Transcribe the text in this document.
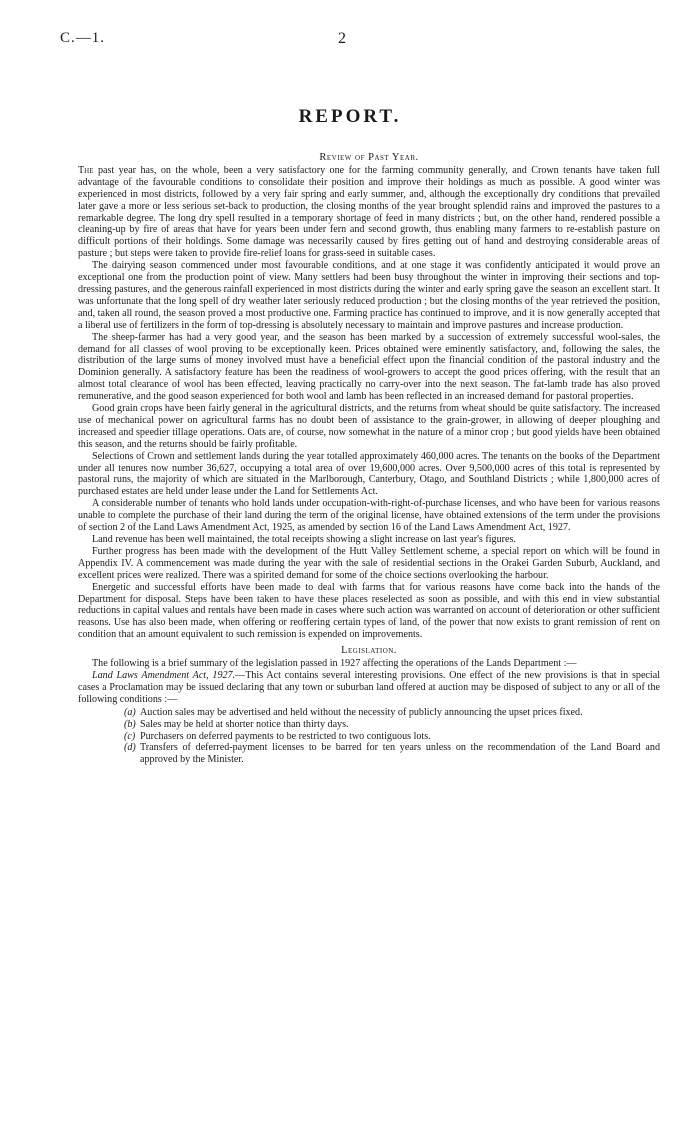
C.—1.	2
REPORT.
Review of Past Year.

The past year has, on the whole, been a very satisfactory one for the farming community generally, and Crown tenants have taken full advantage of the favourable conditions to consolidate their position and improve their holdings as much as possible. A good winter was experienced in most districts, followed by a very fair spring and early summer, and, although the exceptionally dry conditions that prevailed later gave a more or less serious set-back to production, the closing months of the year brought splendid rains and improved the pastures to a remarkable degree. The long dry spell resulted in a temporary shortage of feed in many districts ; but, on the other hand, rendered possible a cleaning-up by fire of areas that have for years been under fern and second growth, thus enabling many farmers to re-establish pasture on difficult portions of their holdings. Some damage was necessarily caused by fires getting out of hand and destroying considerable areas of pasture ; but steps were taken to provide fire-relief loans for grass-seed in suitable cases.

The dairying season commenced under most favourable conditions, and at one stage it was confidently anticipated it would prove an exceptional one from the production point of view. Many settlers had been busy throughout the winter in improving their sections and top-dressing pastures, and the generous rainfall experienced in most districts during the winter and early spring gave the season an excellent start. It was unfortunate that the long spell of dry weather later seriously reduced production ; but the closing months of the year retrieved the position, and, taken all round, the season proved a most productive one. Farming practice has continued to improve, and it is now generally accepted that a liberal use of fertilizers in the form of top-dressing is absolutely necessary to maintain and improve pastures and increase production.

The sheep-farmer has had a very good year, and the season has been marked by a succession of extremely successful wool-sales, the demand for all classes of wool proving to be exceptionally keen. Prices obtained were eminently satisfactory, and, following the sales, the distribution of the large sums of money involved must have a beneficial effect upon the financial condition of the pastoral industry and the Dominion generally. A satisfactory feature has been the readiness of wool-growers to accept the good prices offering, with the result that an almost total clearance of wool has been effected, leaving practically no carry-over into the next season. The fat-lamb trade has also proved remunerative, and the good season experienced for both wool and lamb has been reflected in an increased demand for pastoral properties.

Good grain crops have been fairly general in the agricultural districts, and the returns from wheat should be quite satisfactory. The increased use of mechanical power on agricultural farms has no doubt been of assistance to the grain-grower, in allowing of deeper ploughing and increased and speedier tillage operations. Oats are, of course, now somewhat in the nature of a minor crop ; but good yields have been obtained this season, and the returns should be fairly profitable.

Selections of Crown and settlement lands during the year totalled approximately 460,000 acres. The tenants on the books of the Department under all tenures now number 36,627, occupying a total area of over 19,600,000 acres. Over 9,500,000 acres of this total is represented by pastoral runs, the majority of which are situated in the Marlborough, Canterbury, Otago, and Southland Districts ; while 1,800,000 acres of purchased estates are held under lease under the Land for Settlements Act.

A considerable number of tenants who hold lands under occupation-with-right-of-purchase licenses, and who have been for various reasons unable to complete the purchase of their land during the term of the original license, have obtained extensions of the term under the provisions of section 2 of the Land Laws Amendment Act, 1925, as amended by section 16 of the Land Laws Amendment Act, 1927.

Land revenue has been well maintained, the total receipts showing a slight increase on last year's figures.

Further progress has been made with the development of the Hutt Valley Settlement scheme, a special report on which will be found in Appendix IV. A commencement was made during the year with the sale of residential sections in the Orakei Garden Suburb, Auckland, and excellent prices were realized. There was a spirited demand for some of the choice sections overlooking the harbour.

Energetic and successful efforts have been made to deal with farms that for various reasons have come back into the hands of the Department for disposal. Steps have been taken to have these places reselected as soon as possible, and with this end in view substantial reductions in capital values and rentals have been made in cases where such action was warranted on account of deterioration or other sufficient reasons. Use has also been made, when offering or reoffering certain types of land, of the power that now exists to grant remission of rent on condition that an amount equivalent to such remission is expended on improvements.

Legislation.

The following is a brief summary of the legislation passed in 1927 affecting the operations of the Lands Department :—

Land Laws Amendment Act, 1927.—This Act contains several interesting provisions. One effect of the new provisions is that in special cases a Proclamation may be issued declaring that any town or suburban land offered at auction may be disposed of subject to any or all of the following conditions :—

(a) Auction sales may be advertised and held without the necessity of publicly announcing the upset prices fixed.
(b) Sales may be held at shorter notice than thirty days.
(c) Purchasers on deferred payments to be restricted to two contiguous lots.
(d) Transfers of deferred-payment licenses to be barred for ten years unless on the recommendation of the Land Board and approved by the Minister.
